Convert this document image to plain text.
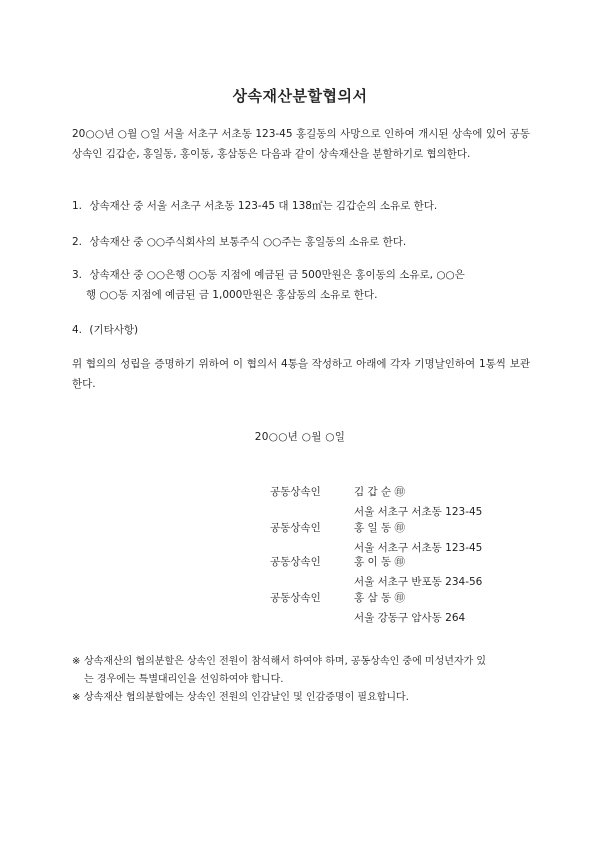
상속재산분할협의서
20○○년 ○월 ○일 서울 서초구 서초동 123-45 홍길동의 사망으로 인하여 개시된 상속에 있어 공동상속인 김갑순, 홍일동, 홍이동, 홍삼동은 다음과 같이 상속재산을 분할하기로 협의한다.
1. 상속재산 중 서울 서초구 서초동 123-45 대 138㎡는 김갑순의 소유로 한다.
2. 상속재산 중 ○○주식회사의 보통주식 ○○주는 홍일동의 소유로 한다.
3. 상속재산 중 ○○은행 ○○동 지점에 예금된 금 500만원은 홍이동의 소유로, ○○은
행 ○○동 지점에 예금된 금 1,000만원은 홍삼동의 소유로 한다.
4. (기타사항)
위 협의의 성립을 증명하기 위하여 이 협의서 4통을 작성하고 아래에 각자 기명날인하여 1통씩 보관한다.
20○○년 ○월 ○일
공동상속인	김 갑 순 ㊞
서울 서초구 서초동 123-45
공동상속인	홍 일 동 ㊞
서울 서초구 서초동 123-45
공동상속인	홍 이 동 ㊞
서울 서초구 반포동 234-56
공동상속인	홍 삼 동 ㊞
서울 강동구 암사동 264
※ 상속재산의 협의분할은 상속인 전원이 참석해서 하여야 하며, 공동상속인 중에 미성년자가 있
는 경우에는 특별대리인을 선임하여야 합니다.
※ 상속재산 협의분할에는 상속인 전원의 인감날인 및 인감증명이 필요합니다.
